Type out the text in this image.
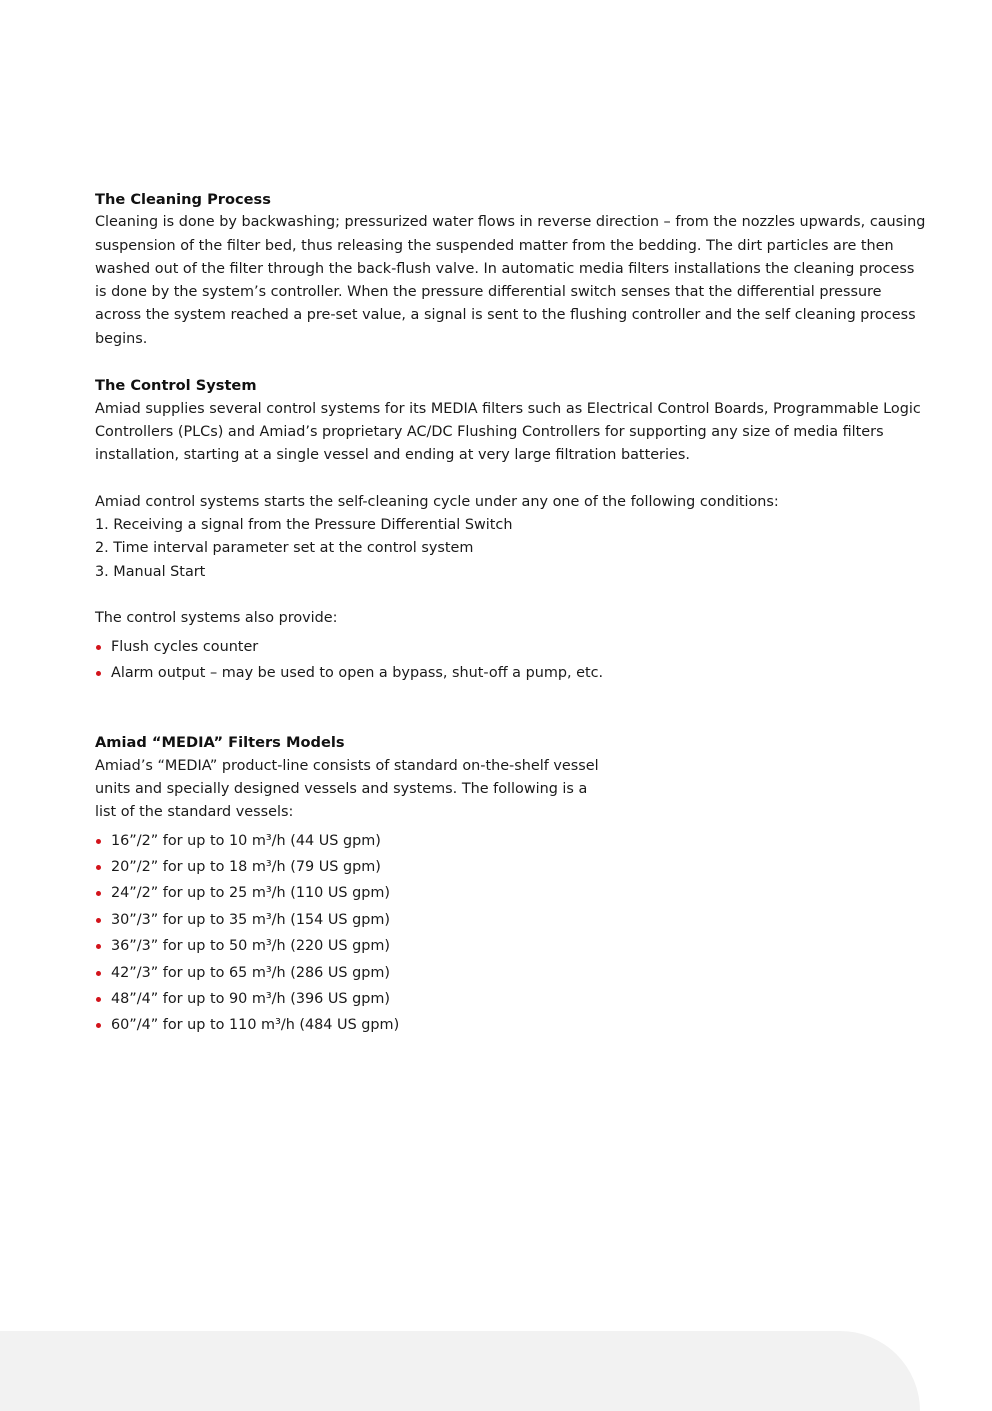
The Cleaning Process

Cleaning is done by backwashing; pressurized water flows in reverse direction – from the nozzles upwards, causing suspension of the filter bed, thus releasing the suspended matter from the bedding. The dirt particles are then washed out of the filter through the back-flush valve. In automatic media filters installations the cleaning process is done by the system’s controller. When the pressure differential switch senses that the differential pressure across the system reached a pre-set value, a signal is sent to the flushing controller and the self cleaning process begins.

The Control System

Amiad supplies several control systems for its MEDIA filters such as Electrical Control Boards, Programmable Logic Controllers (PLCs) and Amiad’s proprietary AC/DC Flushing Controllers for supporting any size of media filters installation, starting at a single vessel and ending at very large filtration batteries.

Amiad control systems starts the self-cleaning cycle under any one of the following conditions:

1. Receiving a signal from the Pressure Differential Switch
2. Time interval parameter set at the control system
3. Manual Start

The control systems also provide:

Flush cycles counter
Alarm output – may be used to open a bypass, shut-off a pump, etc.
Amiad “MEDIA” Filters Models

Amiad’s “MEDIA” product-line consists of standard on-the-shelf vessel units and specially designed vessels and systems. The following is a list of the standard vessels:

16”/2” for up to 10 m³/h (44 US gpm)
20”/2” for up to 18 m³/h (79 US gpm)
24”/2” for up to 25 m³/h (110 US gpm)
30”/3” for up to 35 m³/h (154 US gpm)
36”/3” for up to 50 m³/h (220 US gpm)
42”/3” for up to 65 m³/h (286 US gpm)
48”/4” for up to 90 m³/h (396 US gpm)
60”/4” for up to 110 m³/h (484 US gpm)
